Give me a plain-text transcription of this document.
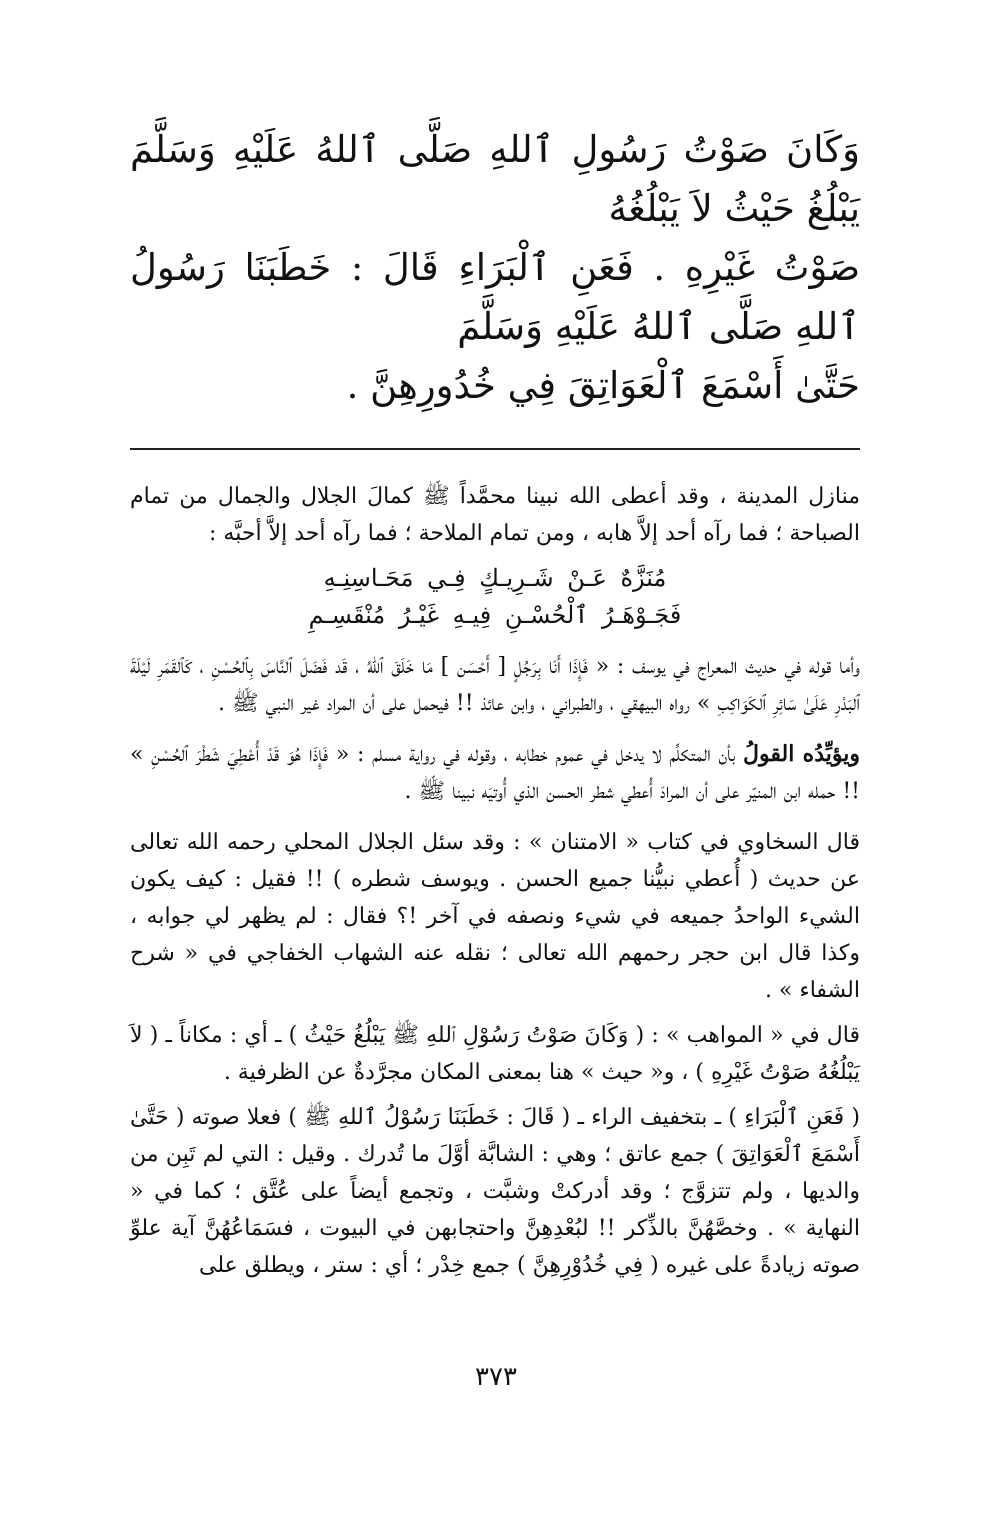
وَكَانَ صَوْتُ رَسُولِ ٱللهِ صَلَّى ٱللهُ عَلَيْهِ وَسَلَّمَ يَبْلُغُ حَيْثُ لاَ يَبْلُغُهُ

صَوْتُ غَيْرِهِ . فَعَنِ ٱلْبَرَاءِ قَالَ : خَطَبَنَا رَسُولُ ٱللهِ صَلَّى ٱللهُ عَلَيْهِ وَسَلَّمَ

حَتَّىٰ أَسْمَعَ ٱلْعَوَاتِقَ فِي خُدُورِهِنَّ .

منازل المدينة ، وقد أعطى الله نبينا محمَّداً ﷺ كمالَ الجلال والجمال من تمام الصباحة ؛ فما رآه أحد إلاَّ هابه ، ومن تمام الملاحة ؛ فما رآه أحد إلاَّ أحبَّه :

مُنَزَّهٌ عَـنْ شَـرِيـكٍ فِـي مَحَـاسِنِـهِ فَجَـوْهَـرُ ٱلْحُسْـنِ فِيـهِ غَيْـرُ مُنْقَسِـمِ

وأما قوله في حديث المعراج في يوسف : « فَإِذَا أَنَا بِرَجُلٍ [ أَحْسَن ] مَا خَلَقَ ٱللهُ ، قَد فَضَلَ ٱلنَّاسَ بِٱلحُسْنِ ، كَٱلقَمَرِ لَيْلَةَ ٱلبَدْرِ عَلَىٰ سَائِرِ ٱلكَوَاكِبِ » رواه البيهقي ، والطبراني ، وابن عائذ !! فيحمل على أن المراد غير النبي ﷺ .

ويؤيِّدُه القولُ بأن المتكلِّم لا يدخل في عموم خطابه ، وقوله في رواية مسلم : « فَإِذَا هُوَ قَدْ أُعْطِيَ شَطْرَ ٱلحُسْنِ » !! حمله ابن المنيّر على أن المرادَ أُعطي شطر الحسن الذي أُوتيَه نبينا ﷺ .

قال السخاوي في كتاب « الامتنان » : وقد سئل الجلال المحلي رحمه الله تعالى عن حديث ( أُعطي نبيُّنا جميع الحسن . ويوسف شطره ) !! فقيل : كيف يكون الشيء الواحدُ جميعه في شيء ونصفه في آخر !؟ فقال : لم يظهر لي جوابه ، وكذا قال ابن حجر رحمهم الله تعالى ؛ نقله عنه الشهاب الخفاجي في « شرح الشفاء » .

قال في « المواهب » : ( وَكَانَ صَوْتُ رَسُوْلِ ٱللهِ ﷺ يَبْلُغُ حَيْثُ ) ـ أي : مكاناً ـ ( لاَ يَبْلُغُهُ صَوْتُ غَيْرِهِ ) ، و« حيث » هنا بمعنى المكان مجرَّدةٌ عن الظرفية .

( فَعَنِ ٱلْبَرَاءِ ) ـ بتخفيف الراء ـ ( قَالَ : خَطَبَنَا رَسُوْلُ ٱللهِ ﷺ ) فعلا صوته ( حَتَّىٰ أَسْمَعَ ٱلْعَوَاتِقَ ) جمع عاتق ؛ وهي : الشابَّة أوَّلَ ما تُدرك . وقيل : التي لم تَبِن من والديها ، ولم تتزوَّج ؛ وقد أدركتْ وشبَّت ، وتجمع أيضاً على عُتَّق ؛ كما في « النهاية » . وخصَّهُنَّ بالذِّكر !! لبُعْدِهِنَّ واحتجابهن في البيوت ، فسَمَاعُهُنَّ آية علوِّ صوته زيادةً على غيره ( فِي خُدُوْرِهِنَّ ) جمع خِدْر ؛ أي : ستر ، ويطلق على

٣٧٣
